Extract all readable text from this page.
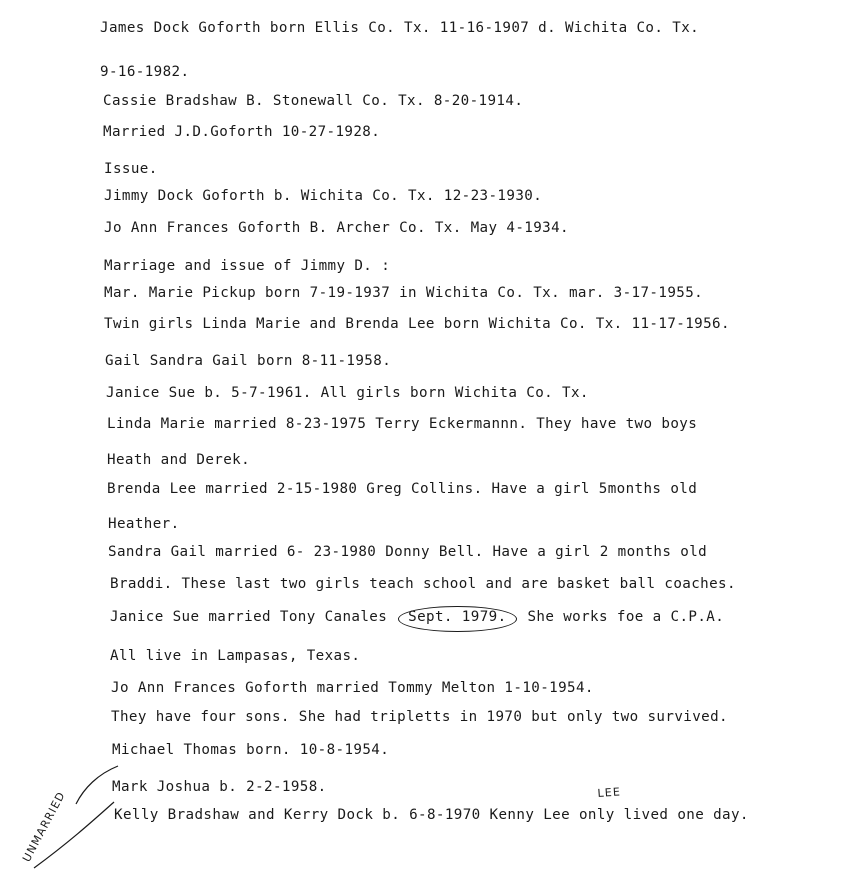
James Dock Goforth born Ellis Co. Tx. 11-16-1907 d. Wichita Co. Tx.
9-16-1982.
Cassie Bradshaw B. Stonewall Co. Tx. 8-20-1914.
Married J.D.Goforth 10-27-1928.
Issue.
Jimmy Dock Goforth b. Wichita Co. Tx. 12-23-1930.
Jo Ann Frances Goforth B. Archer Co. Tx. May 4-1934.
Marriage and issue of Jimmy D. :
Mar. Marie Pickup born 7-19-1937 in Wichita Co. Tx. mar. 3-17-1955.
Twin girls Linda Marie and Brenda Lee born Wichita Co. Tx. 11-17-1956.
Gail Sandra Gail born 8-11-1958.
Janice Sue b. 5-7-1961. All girls born Wichita Co. Tx.
Linda Marie married 8-23-1975 Terry Eckermannn. They have two boys
Heath and Derek.
Brenda Lee married 2-15-1980 Greg Collins. Have a girl 5months old
Heather.
Sandra Gail married 6- 23-1980 Donny Bell. Have a girl 2 months old
Braddi. These last two girls teach school and are basket ball coaches.
Janice Sue married Tony Canales Sept. 1979. She works foe a C.P.A.
All live in Lampasas, Texas.
Jo Ann Frances Goforth married Tommy Melton 1-10-1954.
They have four sons. She had tripletts in 1970 but only two survived.
Michael Thomas born. 10-8-1954.
Mark Joshua b. 2-2-1958.
Kelly Bradshaw and Kerry Dock b. 6-8-1970 Kenny Lee only lived one day.
UNMARRIED	LEE
